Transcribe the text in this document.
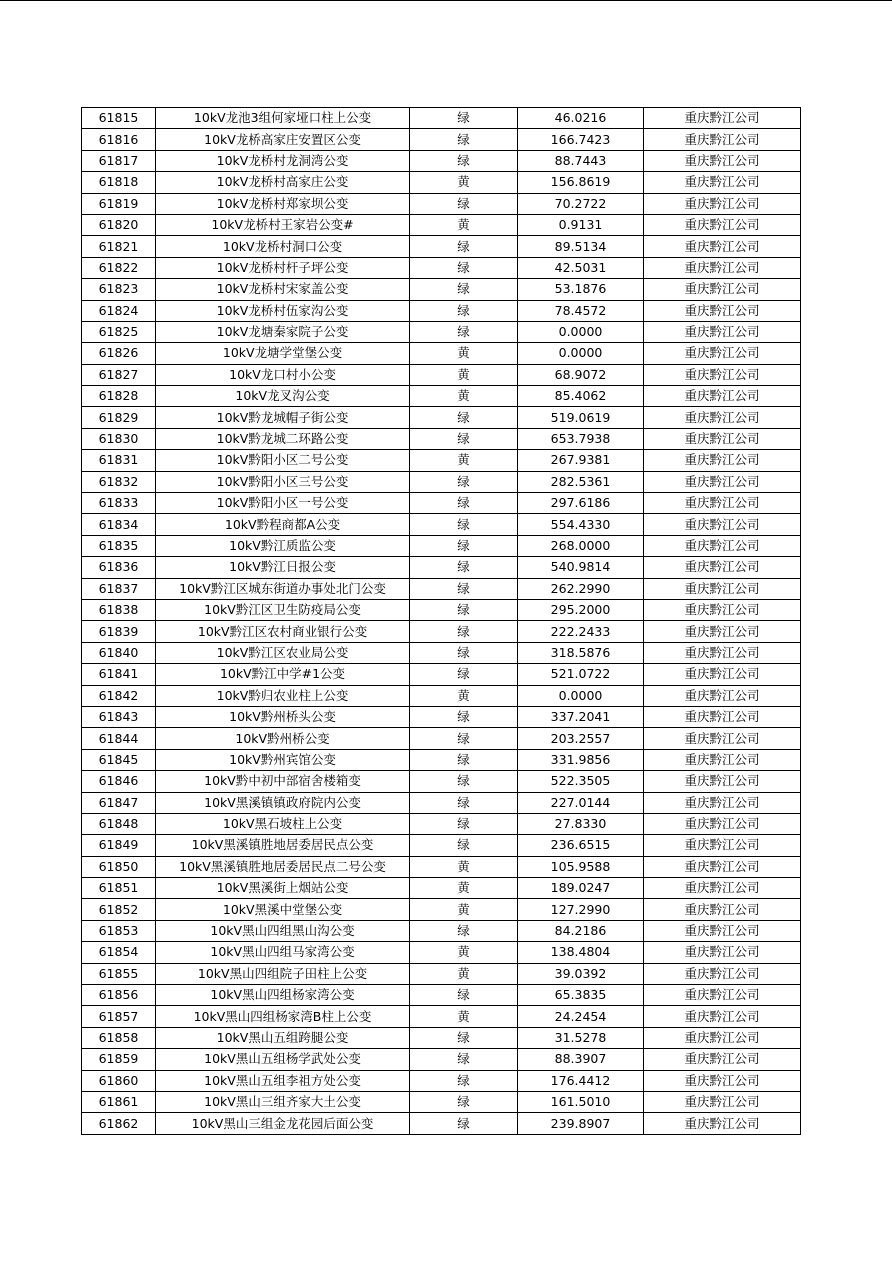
61815	10kV龙池3组何家垭口柱上公变	绿	46.0216	重庆黔江公司
61816	10kV龙桥高家庄安置区公变	绿	166.7423	重庆黔江公司
61817	10kV龙桥村龙洞湾公变	绿	88.7443	重庆黔江公司
61818	10kV龙桥村高家庄公变	黄	156.8619	重庆黔江公司
61819	10kV龙桥村郑家坝公变	绿	70.2722	重庆黔江公司
61820	10kV龙桥村王家岩公变#	黄	0.9131	重庆黔江公司
61821	10kV龙桥村洞口公变	绿	89.5134	重庆黔江公司
61822	10kV龙桥村杆子坪公变	绿	42.5031	重庆黔江公司
61823	10kV龙桥村宋家盖公变	绿	53.1876	重庆黔江公司
61824	10kV龙桥村伍家沟公变	绿	78.4572	重庆黔江公司
61825	10kV龙塘秦家院子公变	绿	0.0000	重庆黔江公司
61826	10kV龙塘学堂堡公变	黄	0.0000	重庆黔江公司
61827	10kV龙口村小公变	黄	68.9072	重庆黔江公司
61828	10kV龙叉沟公变	黄	85.4062	重庆黔江公司
61829	10kV黔龙城帽子街公变	绿	519.0619	重庆黔江公司
61830	10kV黔龙城二环路公变	绿	653.7938	重庆黔江公司
61831	10kV黔阳小区二号公变	黄	267.9381	重庆黔江公司
61832	10kV黔阳小区三号公变	绿	282.5361	重庆黔江公司
61833	10kV黔阳小区一号公变	绿	297.6186	重庆黔江公司
61834	10kV黔程商都A公变	绿	554.4330	重庆黔江公司
61835	10kV黔江质监公变	绿	268.0000	重庆黔江公司
61836	10kV黔江日报公变	绿	540.9814	重庆黔江公司
61837	10kV黔江区城东街道办事处北门公变	绿	262.2990	重庆黔江公司
61838	10kV黔江区卫生防疫局公变	绿	295.2000	重庆黔江公司
61839	10kV黔江区农村商业银行公变	绿	222.2433	重庆黔江公司
61840	10kV黔江区农业局公变	绿	318.5876	重庆黔江公司
61841	10kV黔江中学#1公变	绿	521.0722	重庆黔江公司
61842	10kV黔归农业柱上公变	黄	0.0000	重庆黔江公司
61843	10kV黔州桥头公变	绿	337.2041	重庆黔江公司
61844	10kV黔州桥公变	绿	203.2557	重庆黔江公司
61845	10kV黔州宾馆公变	绿	331.9856	重庆黔江公司
61846	10kV黔中初中部宿舍楼箱变	绿	522.3505	重庆黔江公司
61847	10kV黑溪镇镇政府院内公变	绿	227.0144	重庆黔江公司
61848	10kV黑石坡柱上公变	绿	27.8330	重庆黔江公司
61849	10kV黑溪镇胜地居委居民点公变	绿	236.6515	重庆黔江公司
61850	10kV黑溪镇胜地居委居民点二号公变	黄	105.9588	重庆黔江公司
61851	10kV黑溪街上烟站公变	黄	189.0247	重庆黔江公司
61852	10kV黑溪中堂堡公变	黄	127.2990	重庆黔江公司
61853	10kV黑山四组黑山沟公变	绿	84.2186	重庆黔江公司
61854	10kV黑山四组马家湾公变	黄	138.4804	重庆黔江公司
61855	10kV黑山四组院子田柱上公变	黄	39.0392	重庆黔江公司
61856	10kV黑山四组杨家湾公变	绿	65.3835	重庆黔江公司
61857	10kV黑山四组杨家湾B柱上公变	黄	24.2454	重庆黔江公司
61858	10kV黑山五组跨腿公变	绿	31.5278	重庆黔江公司
61859	10kV黑山五组杨学武处公变	绿	88.3907	重庆黔江公司
61860	10kV黑山五组李祖方处公变	绿	176.4412	重庆黔江公司
61861	10kV黑山三组齐家大土公变	绿	161.5010	重庆黔江公司
61862	10kV黑山三组金龙花园后面公变	绿	239.8907	重庆黔江公司
